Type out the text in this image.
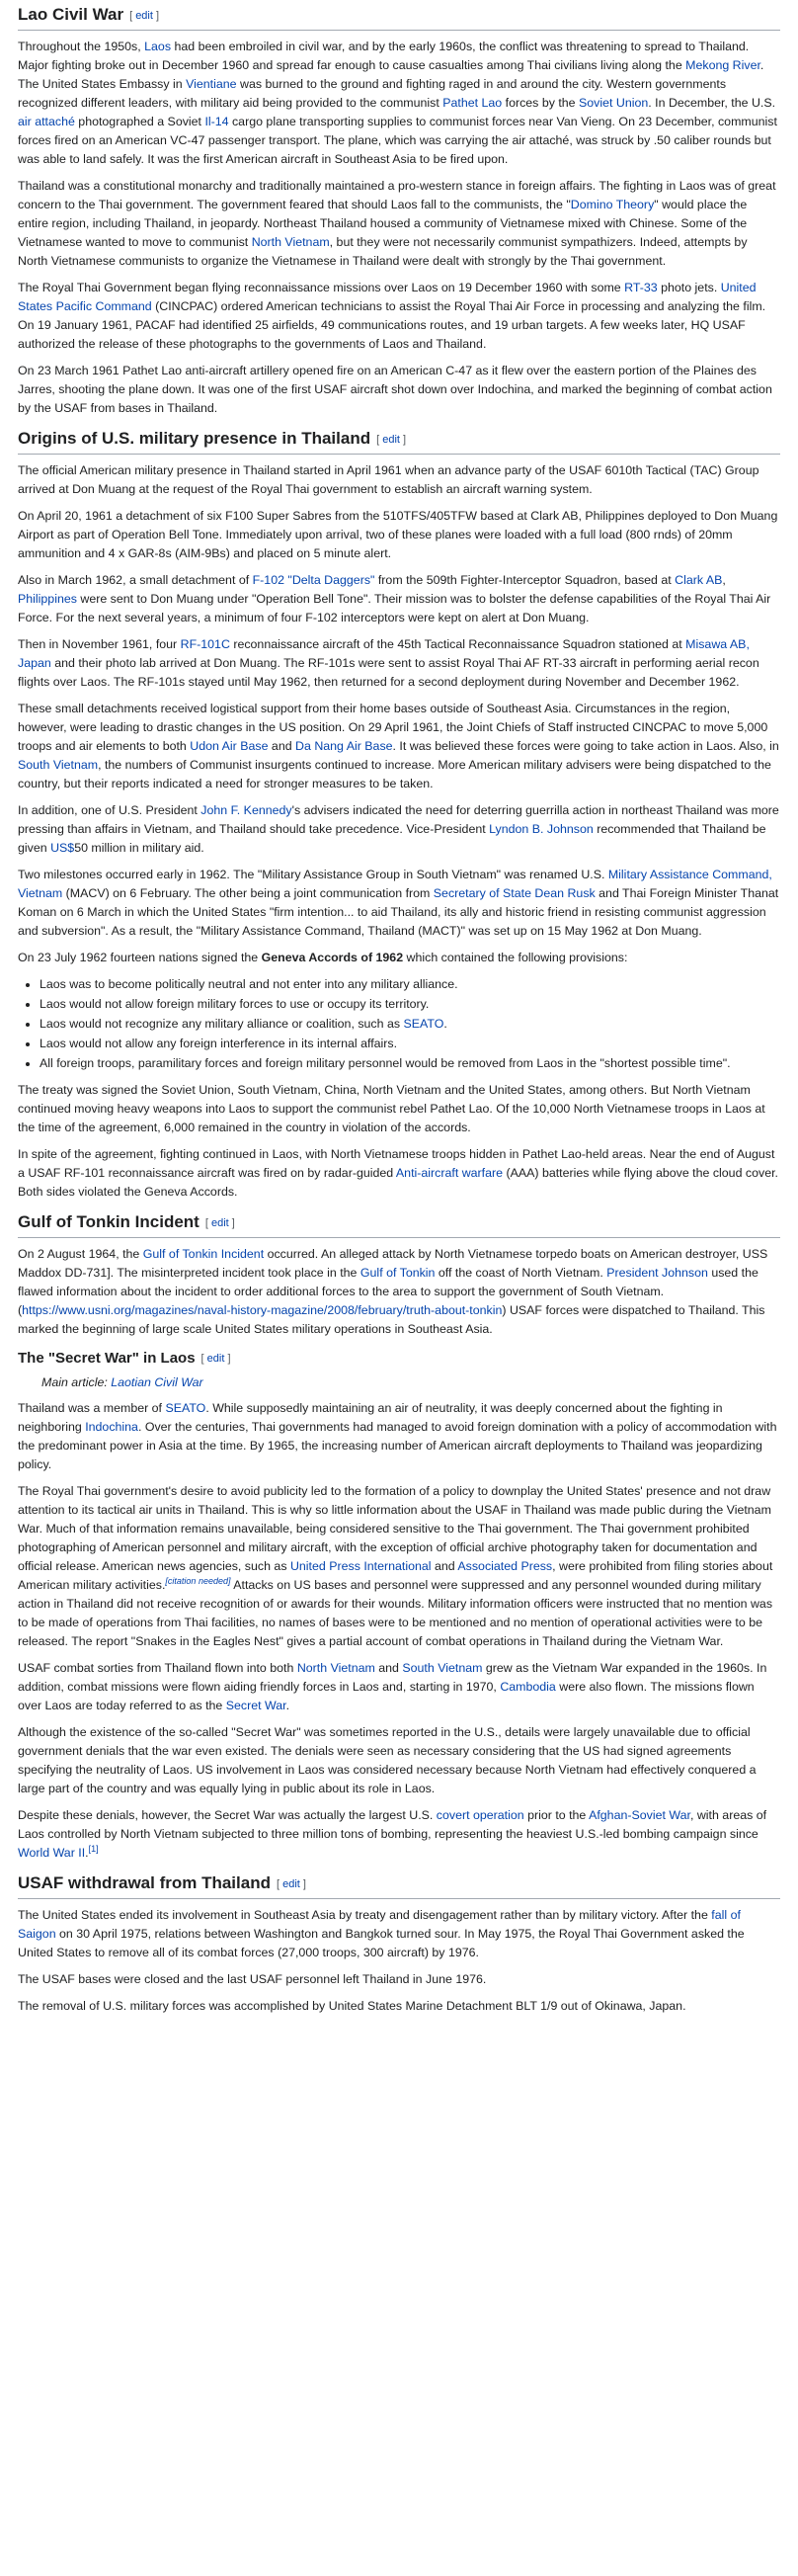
Lao Civil War [ edit ]

Throughout the 1950s, Laos had been embroiled in civil war, and by the early 1960s, the conflict was threatening to spread to Thailand. Major fighting broke out in December 1960 and spread far enough to cause casualties among Thai civilians living along the Mekong River. The United States Embassy in Vientiane was burned to the ground and fighting raged in and around the city. Western governments recognized different leaders, with military aid being provided to the communist Pathet Lao forces by the Soviet Union. In December, the U.S. air attaché photographed a Soviet Il-14 cargo plane transporting supplies to communist forces near Van Vieng. On 23 December, communist forces fired on an American VC-47 passenger transport. The plane, which was carrying the air attaché, was struck by .50 caliber rounds but was able to land safely. It was the first American aircraft in Southeast Asia to be fired upon.

Thailand was a constitutional monarchy and traditionally maintained a pro-western stance in foreign affairs. The fighting in Laos was of great concern to the Thai government. The government feared that should Laos fall to the communists, the "Domino Theory" would place the entire region, including Thailand, in jeopardy. Northeast Thailand housed a community of Vietnamese mixed with Chinese. Some of the Vietnamese wanted to move to communist North Vietnam, but they were not necessarily communist sympathizers. Indeed, attempts by North Vietnamese communists to organize the Vietnamese in Thailand were dealt with strongly by the Thai government.

The Royal Thai Government began flying reconnaissance missions over Laos on 19 December 1960 with some RT-33 photo jets. United States Pacific Command (CINCPAC) ordered American technicians to assist the Royal Thai Air Force in processing and analyzing the film. On 19 January 1961, PACAF had identified 25 airfields, 49 communications routes, and 19 urban targets. A few weeks later, HQ USAF authorized the release of these photographs to the governments of Laos and Thailand.

On 23 March 1961 Pathet Lao anti-aircraft artillery opened fire on an American C-47 as it flew over the eastern portion of the Plaines des Jarres, shooting the plane down. It was one of the first USAF aircraft shot down over Indochina, and marked the beginning of combat action by the USAF from bases in Thailand.

Origins of U.S. military presence in Thailand [ edit ]

The official American military presence in Thailand started in April 1961 when an advance party of the USAF 6010th Tactical (TAC) Group arrived at Don Muang at the request of the Royal Thai government to establish an aircraft warning system.

On April 20, 1961 a detachment of six F100 Super Sabres from the 510TFS/405TFW based at Clark AB, Philippines deployed to Don Muang Airport as part of Operation Bell Tone. Immediately upon arrival, two of these planes were loaded with a full load (800 rnds) of 20mm ammunition and 4 x GAR-8s (AIM-9Bs) and placed on 5 minute alert.

Also in March 1962, a small detachment of F-102 "Delta Daggers" from the 509th Fighter-Interceptor Squadron, based at Clark AB, Philippines were sent to Don Muang under "Operation Bell Tone". Their mission was to bolster the defense capabilities of the Royal Thai Air Force. For the next several years, a minimum of four F-102 interceptors were kept on alert at Don Muang.

Then in November 1961, four RF-101C reconnaissance aircraft of the 45th Tactical Reconnaissance Squadron stationed at Misawa AB, Japan and their photo lab arrived at Don Muang. The RF-101s were sent to assist Royal Thai AF RT-33 aircraft in performing aerial recon flights over Laos. The RF-101s stayed until May 1962, then returned for a second deployment during November and December 1962.

These small detachments received logistical support from their home bases outside of Southeast Asia. Circumstances in the region, however, were leading to drastic changes in the US position. On 29 April 1961, the Joint Chiefs of Staff instructed CINCPAC to move 5,000 troops and air elements to both Udon Air Base and Da Nang Air Base. It was believed these forces were going to take action in Laos. Also, in South Vietnam, the numbers of Communist insurgents continued to increase. More American military advisers were being dispatched to the country, but their reports indicated a need for stronger measures to be taken.

In addition, one of U.S. President John F. Kennedy's advisers indicated the need for deterring guerrilla action in northeast Thailand was more pressing than affairs in Vietnam, and Thailand should take precedence. Vice-President Lyndon B. Johnson recommended that Thailand be given US$50 million in military aid.

Two milestones occurred early in 1962. The "Military Assistance Group in South Vietnam" was renamed U.S. Military Assistance Command, Vietnam (MACV) on 6 February. The other being a joint communication from Secretary of State Dean Rusk and Thai Foreign Minister Thanat Koman on 6 March in which the United States "firm intention... to aid Thailand, its ally and historic friend in resisting communist aggression and subversion". As a result, the "Military Assistance Command, Thailand (MACT)" was set up on 15 May 1962 at Don Muang.

On 23 July 1962 fourteen nations signed the Geneva Accords of 1962 which contained the following provisions:

• Laos was to become politically neutral and not enter into any military alliance.
• Laos would not allow foreign military forces to use or occupy its territory.
• Laos would not recognize any military alliance or coalition, such as SEATO.
• Laos would not allow any foreign interference in its internal affairs.
• All foreign troops, paramilitary forces and foreign military personnel would be removed from Laos in the "shortest possible time".

The treaty was signed the Soviet Union, South Vietnam, China, North Vietnam and the United States, among others. But North Vietnam continued moving heavy weapons into Laos to support the communist rebel Pathet Lao. Of the 10,000 North Vietnamese troops in Laos at the time of the agreement, 6,000 remained in the country in violation of the accords.

In spite of the agreement, fighting continued in Laos, with North Vietnamese troops hidden in Pathet Lao-held areas. Near the end of August a USAF RF-101 reconnaissance aircraft was fired on by radar-guided Anti-aircraft warfare (AAA) batteries while flying above the cloud cover. Both sides violated the Geneva Accords.

Gulf of Tonkin Incident [ edit ]

On 2 August 1964, the Gulf of Tonkin Incident occurred. An alleged attack by North Vietnamese torpedo boats on American destroyer, USS Maddox DD-731]. The misinterpreted incident took place in the Gulf of Tonkin off the coast of North Vietnam. President Johnson used the flawed information about the incident to order additional forces to the area to support the government of South Vietnam.(https://www.usni.org/magazines/naval-history-magazine/2008/february/truth-about-tonkin) USAF forces were dispatched to Thailand. This marked the beginning of large scale United States military operations in Southeast Asia.

The "Secret War" in Laos [ edit ]
Main article: Laotian Civil War

Thailand was a member of SEATO. While supposedly maintaining an air of neutrality, it was deeply concerned about the fighting in neighboring Indochina. Over the centuries, Thai governments had managed to avoid foreign domination with a policy of accommodation with the predominant power in Asia at the time. By 1965, the increasing number of American aircraft deployments to Thailand was jeopardizing policy.

The Royal Thai government's desire to avoid publicity led to the formation of a policy to downplay the United States' presence and not draw attention to its tactical air units in Thailand. This is why so little information about the USAF in Thailand was made public during the Vietnam War. Much of that information remains unavailable, being considered sensitive to the Thai government. The Thai government prohibited photographing of American personnel and military aircraft, with the exception of official archive photography taken for documentation and official release. American news agencies, such as United Press International and Associated Press, were prohibited from filing stories about American military activities.[citation needed] Attacks on US bases and personnel were suppressed and any personnel wounded during military action in Thailand did not receive recognition of or awards for their wounds. Military information officers were instructed that no mention was to be made of operations from Thai facilities, no names of bases were to be mentioned and no mention of operational activities were to be released. The report "Snakes in the Eagles Nest" gives a partial account of combat operations in Thailand during the Vietnam War.

USAF combat sorties from Thailand flown into both North Vietnam and South Vietnam grew as the Vietnam War expanded in the 1960s. In addition, combat missions were flown aiding friendly forces in Laos and, starting in 1970, Cambodia were also flown. The missions flown over Laos are today referred to as the Secret War.

Although the existence of the so-called "Secret War" was sometimes reported in the U.S., details were largely unavailable due to official government denials that the war even existed. The denials were seen as necessary considering that the US had signed agreements specifying the neutrality of Laos. US involvement in Laos was considered necessary because North Vietnam had effectively conquered a large part of the country and was equally lying in public about its role in Laos.

Despite these denials, however, the Secret War was actually the largest U.S. covert operation prior to the Afghan-Soviet War, with areas of Laos controlled by North Vietnam subjected to three million tons of bombing, representing the heaviest U.S.-led bombing campaign since World War II.[1]

USAF withdrawal from Thailand [ edit ]

The United States ended its involvement in Southeast Asia by treaty and disengagement rather than by military victory. After the fall of Saigon on 30 April 1975, relations between Washington and Bangkok turned sour. In May 1975, the Royal Thai Government asked the United States to remove all of its combat forces (27,000 troops, 300 aircraft) by 1976.

The USAF bases were closed and the last USAF personnel left Thailand in June 1976.

The removal of U.S. military forces was accomplished by United States Marine Detachment BLT 1/9 out of Okinawa, Japan.
